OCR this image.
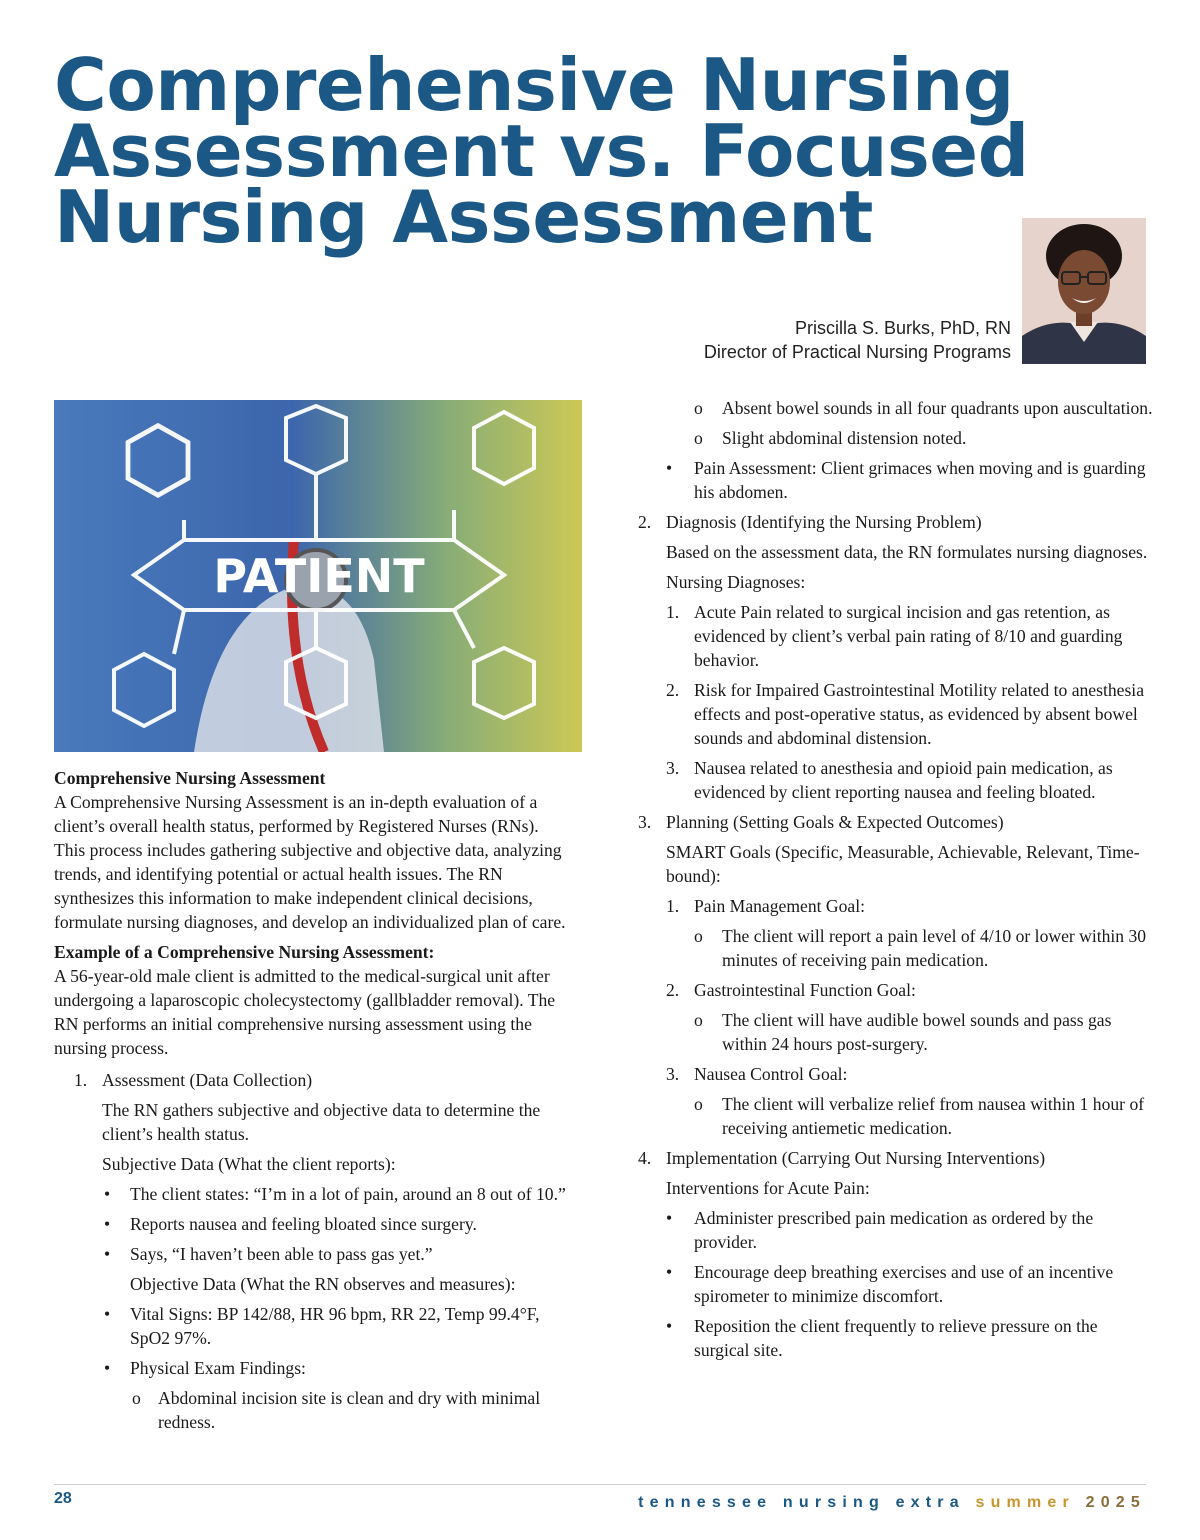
Comprehensive Nursing
Assessment vs. Focused
Nursing Assessment
Priscilla S. Burks, PhD, RN
Director of Practical Nursing Programs
PATIENT

Comprehensive Nursing Assessment

A Comprehensive Nursing Assessment is an in-depth evaluation of a client’s overall health status, performed by Registered Nurses (RNs). This process includes gathering subjective and objective data, analyzing trends, and identifying potential or actual health issues. The RN synthesizes this information to make independent clinical decisions, formulate nursing diagnoses, and develop an individualized plan of care.

Example of a Comprehensive Nursing Assessment:

A 56-year-old male client is admitted to the medical-surgical unit after undergoing a laparoscopic cholecystectomy (gallbladder removal). The RN performs an initial comprehensive nursing assessment using the nursing process.

1. Assessment (Data Collection)

The RN gathers subjective and objective data to determine the client’s health status.

Subjective Data (What the client reports):

• The client states: “I’m in a lot of pain, around an 8 out of 10.”
• Reports nausea and feeling bloated since surgery.
• Says, “I haven’t been able to pass gas yet.”

Objective Data (What the RN observes and measures):

• Vital Signs: BP 142/88, HR 96 bpm, RR 22, Temp 99.4°F, SpO2 97%.
• Physical Exam Findings:
o Abdominal incision site is clean and dry with minimal redness.
o Absent bowel sounds in all four quadrants upon auscultation.
o Slight abdominal distension noted.
• Pain Assessment: Client grimaces when moving and is guarding his abdomen.
2. Diagnosis (Identifying the Nursing Problem)

Based on the assessment data, the RN formulates nursing diagnoses.

Nursing Diagnoses:

1. Acute Pain related to surgical incision and gas retention, as evidenced by client’s verbal pain rating of 8/10 and guarding behavior.
2. Risk for Impaired Gastrointestinal Motility related to anesthesia effects and post-operative status, as evidenced by absent bowel sounds and abdominal distension.
3. Nausea related to anesthesia and opioid pain medication, as evidenced by client reporting nausea and feeling bloated.
3. Planning (Setting Goals & Expected Outcomes)

SMART Goals (Specific, Measurable, Achievable, Relevant, Time-bound):

1. Pain Management Goal:
o The client will report a pain level of 4/10 or lower within 30 minutes of receiving pain medication.
2. Gastrointestinal Function Goal:
o The client will have audible bowel sounds and pass gas within 24 hours post-surgery.
3. Nausea Control Goal:
o The client will verbalize relief from nausea within 1 hour of receiving antiemetic medication.
4. Implementation (Carrying Out Nursing Interventions)

Interventions for Acute Pain:

• Administer prescribed pain medication as ordered by the provider.
• Encourage deep breathing exercises and use of an incentive spirometer to minimize discomfort.
• Reposition the client frequently to relieve pressure on the surgical site.
28	tennessee nursing extra summer 2025
